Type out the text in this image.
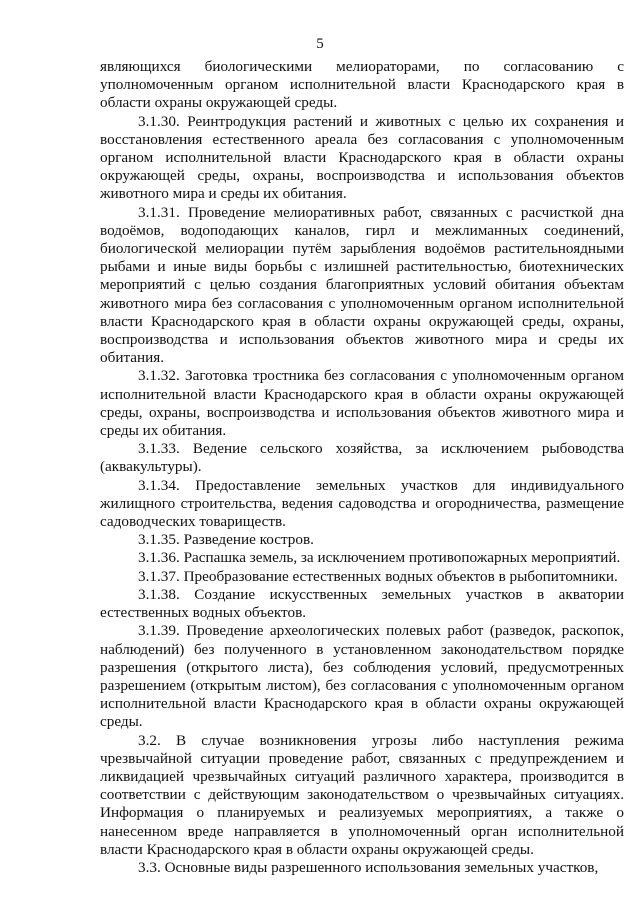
5

являющихся биологическими мелиораторами, по согласованию с уполномоченным органом исполнительной власти Краснодарского края в области охраны окружающей среды.

3.1.30. Реинтродукция растений и животных с целью их сохранения и восстановления естественного ареала без согласования с уполномоченным органом исполнительной власти Краснодарского края в области охраны окружающей среды, охраны, воспроизводства и использования объектов животного мира и среды их обитания.

3.1.31. Проведение мелиоративных работ, связанных с расчисткой дна водоёмов, водоподающих каналов, гирл и межлиманных соединений, биологической мелиорации путём зарыбления водоёмов растительноядными рыбами и иные виды борьбы с излишней растительностью, биотехнических мероприятий с целью создания благоприятных условий обитания объектам животного мира без согласования с уполномоченным органом исполнительной власти Краснодарского края в области охраны окружающей среды, охраны, воспроизводства и использования объектов животного мира и среды их обитания.

3.1.32. Заготовка тростника без согласования с уполномоченным органом исполнительной власти Краснодарского края в области охраны окружающей среды, охраны, воспроизводства и использования объектов животного мира и среды их обитания.

3.1.33. Ведение сельского хозяйства, за исключением рыбоводства (аквакультуры).

3.1.34. Предоставление земельных участков для индивидуального жилищного строительства, ведения садоводства и огородничества, размещение садоводческих товариществ.

3.1.35. Разведение костров.

3.1.36. Распашка земель, за исключением противопожарных мероприятий.

3.1.37. Преобразование естественных водных объектов в рыбопитомники.

3.1.38. Создание искусственных земельных участков в акватории естественных водных объектов.

3.1.39. Проведение археологических полевых работ (разведок, раскопок, наблюдений) без полученного в установленном законодательством порядке разрешения (открытого листа), без соблюдения условий, предусмотренных разрешением (открытым листом), без согласования с уполномоченным органом исполнительной власти Краснодарского края в области охраны окружающей среды.

3.2. В случае возникновения угрозы либо наступления режима чрезвычайной ситуации проведение работ, связанных с предупреждением и ликвидацией чрезвычайных ситуаций различного характера, производится в соответствии с действующим законодательством о чрезвычайных ситуациях. Информация о планируемых и реализуемых мероприятиях, а также о нанесенном вреде направляется в уполномоченный орган исполнительной власти Краснодарского края в области охраны окружающей среды.

3.3. Основные виды разрешенного использования земельных участков,
